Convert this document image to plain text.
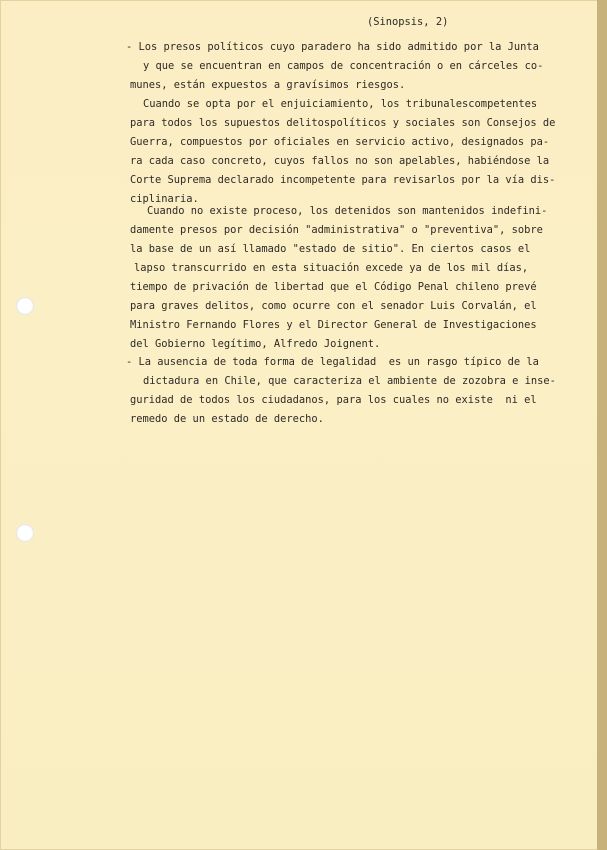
(Sinopsis, 2)
- Los presos políticos cuyo paradero ha sido admitido por la Junta
y que se encuentran en campos de concentración o en cárceles co-
munes, están expuestos a gravísimos riesgos.
Cuando se opta por el enjuiciamiento, los tribunalescompetentes
para todos los supuestos delitospolíticos y sociales son Consejos de
Guerra, compuestos por oficiales en servicio activo, designados pa-
ra cada caso concreto, cuyos fallos no son apelables, habiéndose la
Corte Suprema declarado incompetente para revisarlos por la vía dis-
ciplinaria.
Cuando no existe proceso, los detenidos son mantenidos indefini-
damente presos por decisión "administrativa" o "preventiva", sobre
la base de un así llamado "estado de sitio". En ciertos casos el
lapso transcurrido en esta situación excede ya de los mil días,
tiempo de privación de libertad que el Código Penal chileno prevé
para graves delitos, como ocurre con el senador Luis Corvalán, el
Ministro Fernando Flores y el Director General de Investigaciones
del Gobierno legítimo, Alfredo Joignent.
- La ausencia de toda forma de legalidad  es un rasgo típico de la
dictadura en Chile, que caracteriza el ambiente de zozobra e inse-
guridad de todos los ciudadanos, para los cuales no existe  ni el
remedo de un estado de derecho.
